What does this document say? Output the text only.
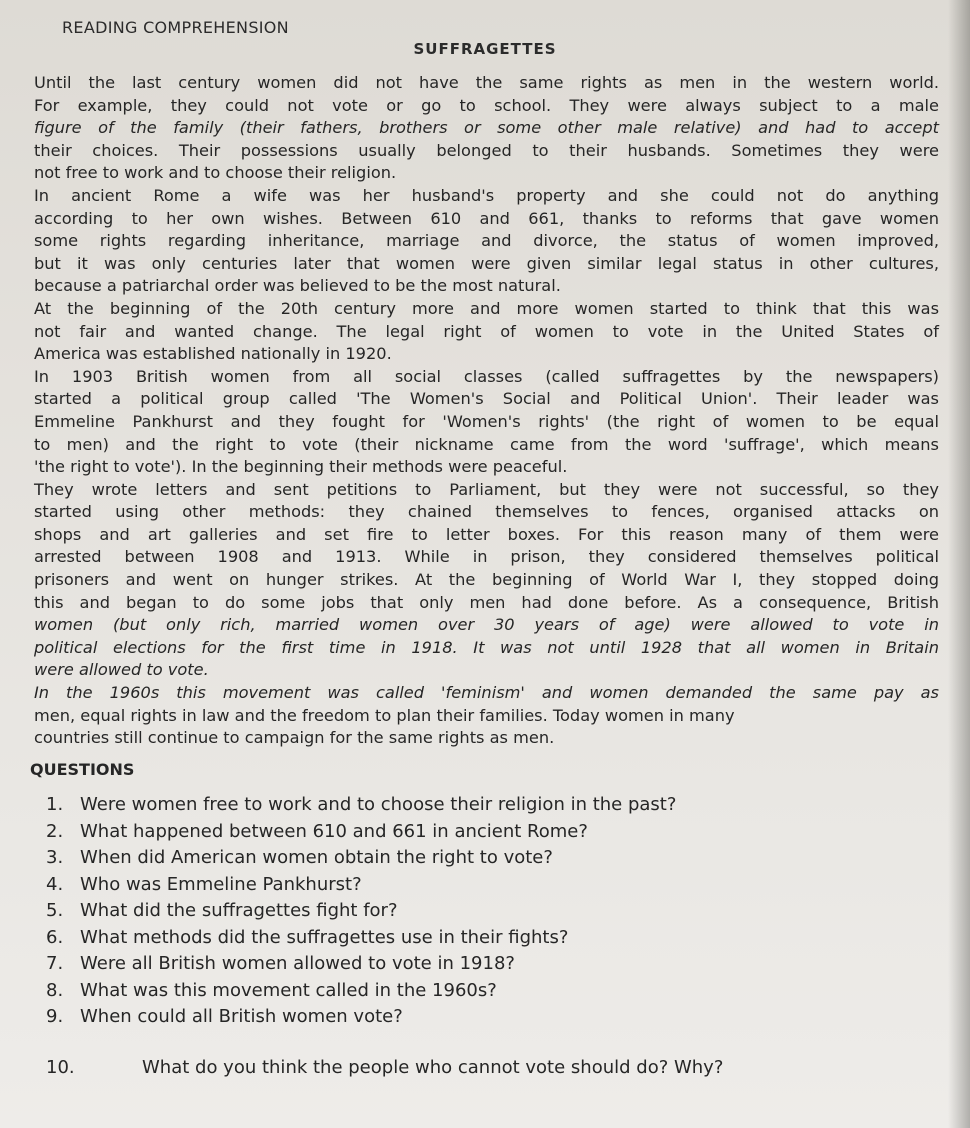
READING COMPREHENSION
SUFFRAGETTES
Until the last century women did not have the same rights as men in the western world.
For example, they could not vote or go to school. They were always subject to a male
figure of the family (their fathers, brothers or some other male relative) and had to accept
their choices. Their possessions usually belonged to their husbands. Sometimes they were
not free to work and to choose their religion.
In ancient Rome a wife was her husband's property and she could not do anything
according to her own wishes. Between 610 and 661, thanks to reforms that gave women
some rights regarding inheritance, marriage and divorce, the status of women improved,
but it was only centuries later that women were given similar legal status in other cultures,
because a patriarchal order was believed to be the most natural.
At the beginning of the 20th century more and more women started to think that this was
not fair and wanted change. The legal right of women to vote in the United States of
America was established nationally in 1920.
In 1903 British women from all social classes (called suffragettes by the newspapers)
started a political group called 'The Women's Social and Political Union'. Their leader was
Emmeline Pankhurst and they fought for 'Women's rights' (the right of women to be equal
to men) and the right to vote (their nickname came from the word 'suffrage', which means
'the right to vote'). In the beginning their methods were peaceful.
They wrote letters and sent petitions to Parliament, but they were not successful, so they
started using other methods: they chained themselves to fences, organised attacks on
shops and art galleries and set fire to letter boxes. For this reason many of them were
arrested between 1908 and 1913. While in prison, they considered themselves political
prisoners and went on hunger strikes. At the beginning of World War I, they stopped doing
this and began to do some jobs that only men had done before. As a consequence, British
women (but only rich, married women over 30 years of age) were allowed to vote in
political elections for the first time in 1918. It was not until 1928 that all women in Britain
were allowed to vote.
In the 1960s this movement was called 'feminism' and women demanded the same pay as
men, equal rights in law and the freedom to plan their families. Today women in many
countries still continue to campaign for the same rights as men.
QUESTIONS
1. Were women free to work and to choose their religion in the past?
2. What happened between 610 and 661 in ancient Rome?
3. When did American women obtain the right to vote?
4. Who was Emmeline Pankhurst?
5. What did the suffragettes fight for?
6. What methods did the suffragettes use in their fights?
7. Were all British women allowed to vote in 1918?
8. What was this movement called in the 1960s?
9. When could all British women vote?
10.	What do you think the people who cannot vote should do? Why?
